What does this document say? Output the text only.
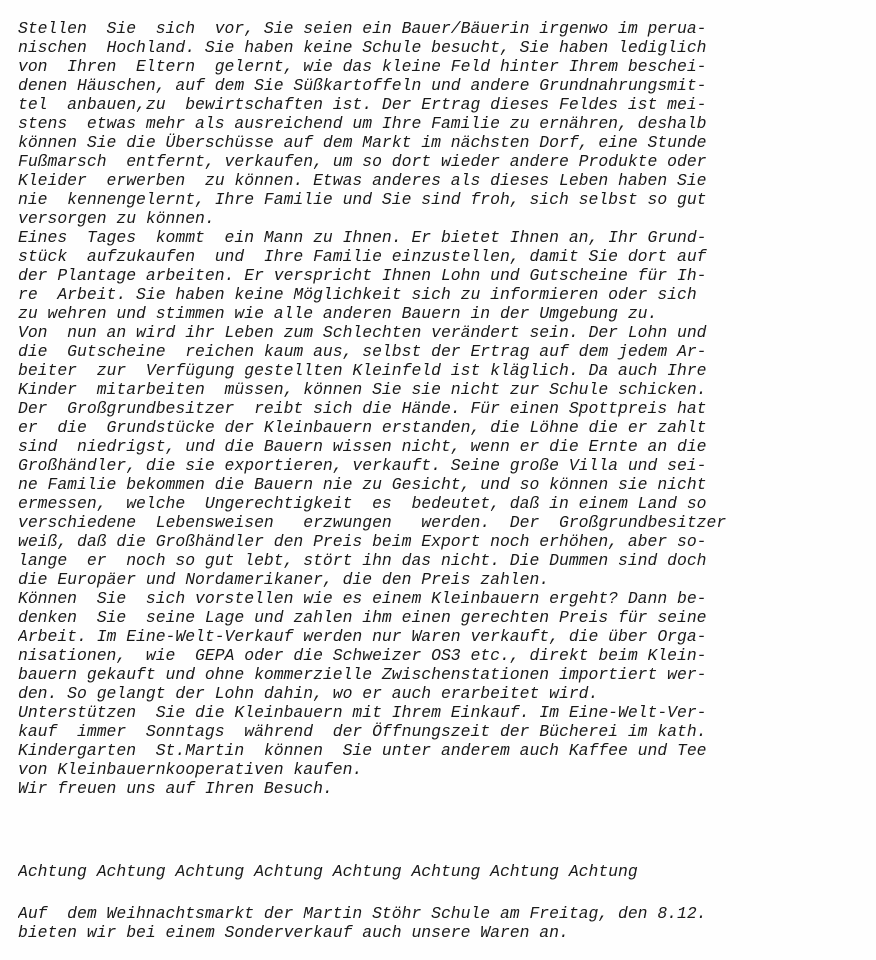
Stellen  Sie  sich  vor, Sie seien ein Bauer/Bäuerin irgenwo im perua-
nischen  Hochland. Sie haben keine Schule besucht, Sie haben lediglich
von  Ihren  Eltern  gelernt, wie das kleine Feld hinter Ihrem beschei-
denen Häuschen, auf dem Sie Süßkartoffeln und andere Grundnahrungsmit-
tel  anbauen,zu  bewirtschaften ist. Der Ertrag dieses Feldes ist mei-
stens  etwas mehr als ausreichend um Ihre Familie zu ernähren, deshalb
können Sie die Überschüsse auf dem Markt im nächsten Dorf, eine Stunde
Fußmarsch  entfernt, verkaufen, um so dort wieder andere Produkte oder
Kleider  erwerben  zu können. Etwas anderes als dieses Leben haben Sie
nie  kennengelernt, Ihre Familie und Sie sind froh, sich selbst so gut
versorgen zu können.
Eines  Tages  kommt  ein Mann zu Ihnen. Er bietet Ihnen an, Ihr Grund-
stück  aufzukaufen  und  Ihre Familie einzustellen, damit Sie dort auf
der Plantage arbeiten. Er verspricht Ihnen Lohn und Gutscheine für Ih-
re  Arbeit. Sie haben keine Möglichkeit sich zu informieren oder sich
zu wehren und stimmen wie alle anderen Bauern in der Umgebung zu.
Von  nun an wird ihr Leben zum Schlechten verändert sein. Der Lohn und
die  Gutscheine  reichen kaum aus, selbst der Ertrag auf dem jedem Ar-
beiter  zur  Verfügung gestellten Kleinfeld ist kläglich. Da auch Ihre
Kinder  mitarbeiten  müssen, können Sie sie nicht zur Schule schicken.
Der  Großgrundbesitzer  reibt sich die Hände. Für einen Spottpreis hat
er  die  Grundstücke der Kleinbauern erstanden, die Löhne die er zahlt
sind  niedrigst, und die Bauern wissen nicht, wenn er die Ernte an die
Großhändler, die sie exportieren, verkauft. Seine große Villa und sei-
ne Familie bekommen die Bauern nie zu Gesicht, und so können sie nicht
ermessen,  welche  Ungerechtigkeit  es  bedeutet, daß in einem Land so
verschiedene  Lebensweisen   erzwungen   werden.  Der  Großgrundbesitzer
weiß, daß die Großhändler den Preis beim Export noch erhöhen, aber so-
lange  er  noch so gut lebt, stört ihn das nicht. Die Dummen sind doch
die Europäer und Nordamerikaner, die den Preis zahlen.
Können  Sie  sich vorstellen wie es einem Kleinbauern ergeht? Dann be-
denken  Sie  seine Lage und zahlen ihm einen gerechten Preis für seine
Arbeit. Im Eine-Welt-Verkauf werden nur Waren verkauft, die über Orga-
nisationen,  wie  GEPA oder die Schweizer OS3 etc., direkt beim Klein-
bauern gekauft und ohne kommerzielle Zwischenstationen importiert wer-
den. So gelangt der Lohn dahin, wo er auch erarbeitet wird.
Unterstützen  Sie die Kleinbauern mit Ihrem Einkauf. Im Eine-Welt-Ver-
kauf  immer  Sonntags  während  der Öffnungszeit der Bücherei im kath.
Kindergarten  St.Martin  können  Sie unter anderem auch Kaffee und Tee
von Kleinbauernkooperativen kaufen.
Wir freuen uns auf Ihren Besuch.
Achtung Achtung Achtung Achtung Achtung Achtung Achtung Achtung
Auf  dem Weihnachtsmarkt der Martin Stöhr Schule am Freitag, den 8.12.
bieten wir bei einem Sonderverkauf auch unsere Waren an.
